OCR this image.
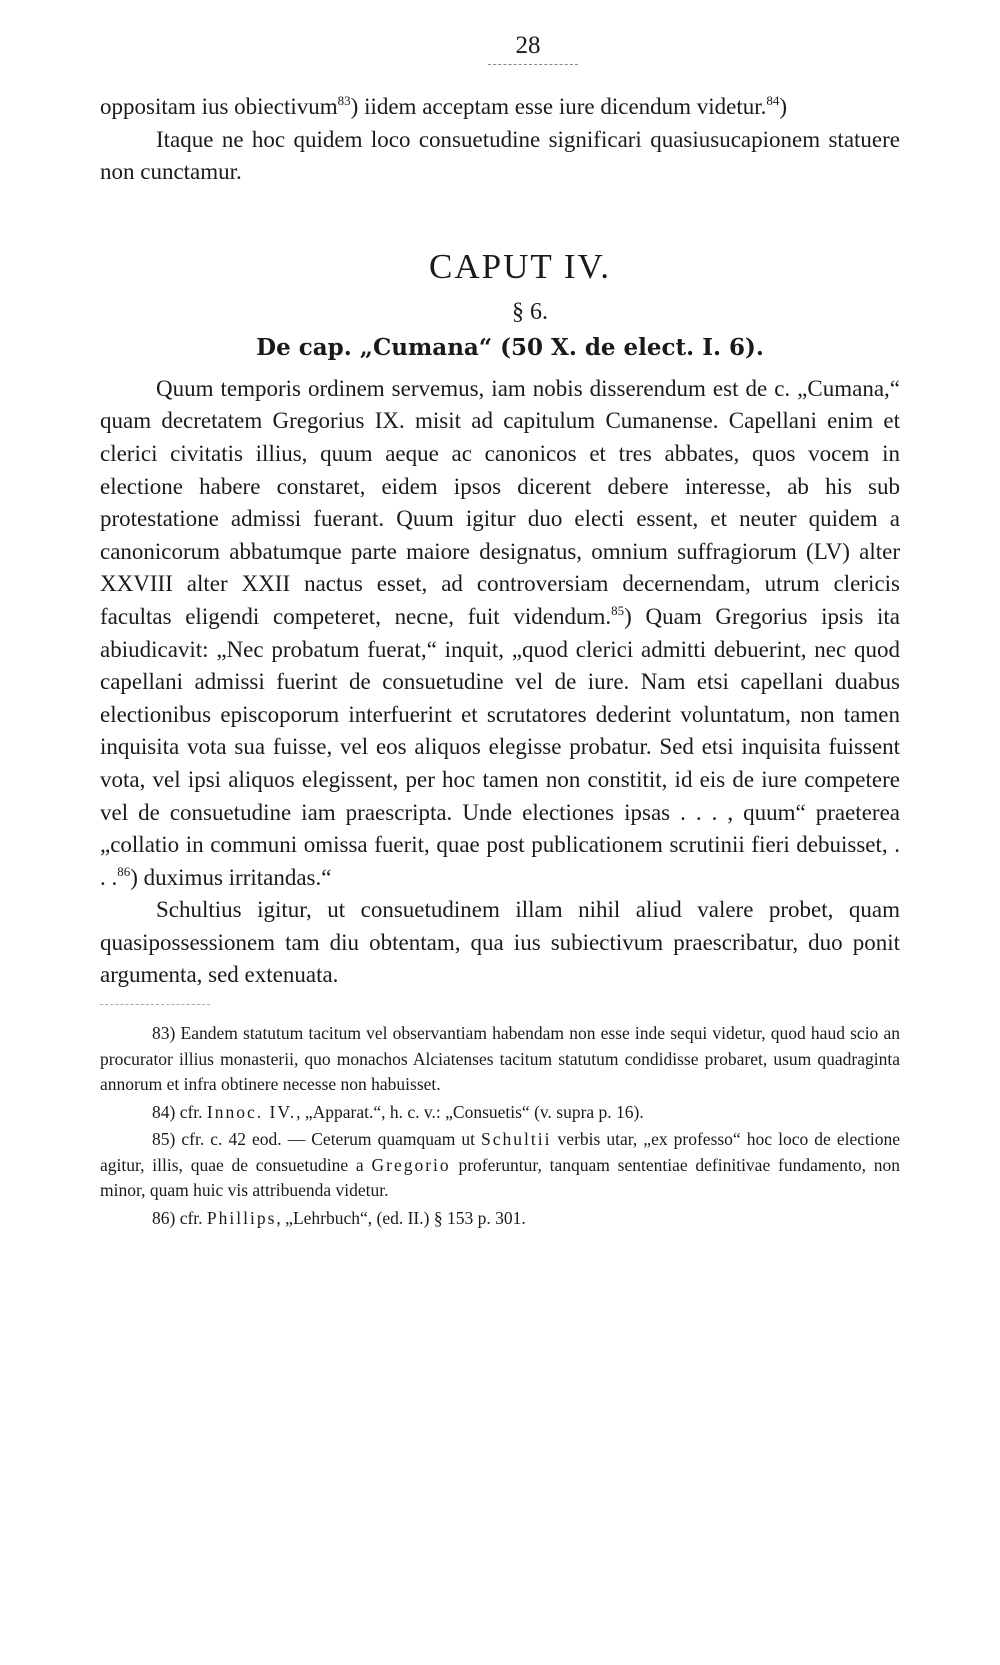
28

oppositam ius obiectivum$^{83}$) iidem acceptam esse iure dicendum videtur.$^{84}$)

Itaque ne hoc quidem loco consuetudine significari quasiusucapionem statuere non cunctamur.

CAPUT IV.
§ 6.
De cap. „Cumana“ (50 X. de elect. I. 6).

Quum temporis ordinem servemus, iam nobis disserendum est de c. „Cumana,“ quam decretatem Gregorius IX. misit ad capitulum Cumanense. Capellani enim et clerici civitatis illius, quum aeque ac canonicos et tres abbates, quos vocem in electione habere constaret, eidem ipsos dicerent debere interesse, ab his sub protestatione admissi fuerant. Quum igitur duo electi essent, et neuter quidem a canonicorum abbatumque parte maiore designatus, omnium suffragiorum (LV) alter XXVIII alter XXII nactus esset, ad controversiam decernendam, utrum clericis facultas eligendi competeret, necne, fuit videndum.$^{85}$) Quam Gregorius ipsis ita abiudicavit: „Nec probatum fuerat,“ inquit, „quod clerici admitti debuerint, nec quod capellani admissi fuerint de consuetudine vel de iure. Nam etsi capellani duabus electionibus episcoporum interfuerint et scrutatores dederint voluntatum, non tamen inquisita vota sua fuisse, vel eos aliquos elegisse probatur. Sed etsi inquisita fuissent vota, vel ipsi aliquos elegissent, per hoc tamen non constitit, id eis de iure competere vel de consuetudine iam praescripta. Unde electiones ipsas . . . , quum“ praeterea „collatio in communi omissa fuerit, quae post publicationem scrutinii fieri debuisset, . . .$^{86}$) duximus irritandas.“

Schultius igitur, ut consuetudinem illam nihil aliud valere probet, quam quasipossessionem tam diu obtentam, qua ius subiectivum praescribatur, duo ponit argumenta, sed extenuata.

83) Eandem statutum tacitum vel observantiam habendam non esse inde sequi videtur, quod haud scio an procurator illius monasterii, quo monachos Alciatenses tacitum statutum condidisse probaret, usum quadraginta annorum et infra obtinere necesse non habuisset.

84) cfr. Innoc. IV., „Apparat.“, h. c. v.: „Consuetis“ (v. supra p. 16).

85) cfr. c. 42 eod. — Ceterum quamquam ut Schultii verbis utar, „ex professo“ hoc loco de electione agitur, illis, quae de consuetudine a Gregorio proferuntur, tanquam sententiae definitivae fundamento, non minor, quam huic vis attribuenda videtur.

86) cfr. Phillips, „Lehrbuch“, (ed. II.) § 153 p. 301.
